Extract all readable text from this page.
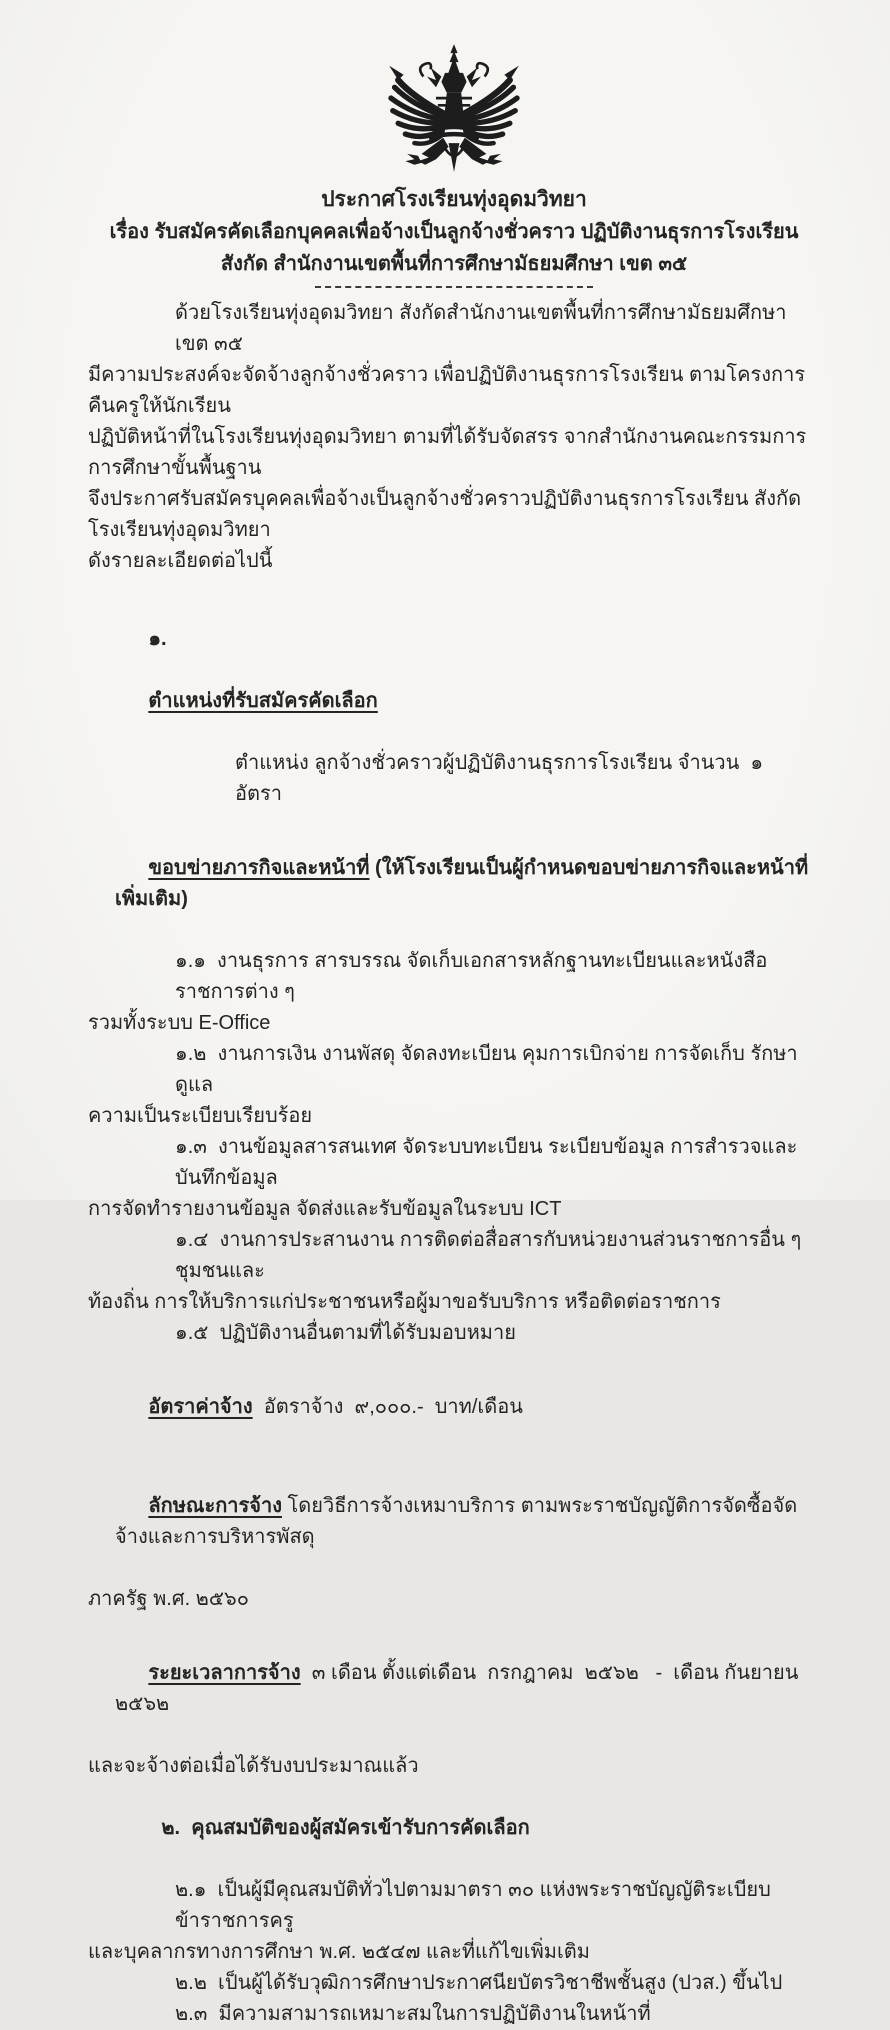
ประกาศโรงเรียนทุ่งอุดมวิทยา
เรื่อง รับสมัครคัดเลือกบุคคลเพื่อจ้างเป็นลูกจ้างชั่วคราว ปฏิบัติงานธุรการโรงเรียน
สังกัด สำนักงานเขตพื้นที่การศึกษามัธยมศึกษา เขต ๓๕
ด้วยโรงเรียนทุ่งอุดมวิทยา สังกัดสำนักงานเขตพื้นที่การศึกษามัธยมศึกษา เขต ๓๕
มีความประสงค์จะจัดจ้างลูกจ้างชั่วคราว เพื่อปฏิบัติงานธุรการโรงเรียน ตามโครงการคืนครูให้นักเรียน
ปฏิบัติหน้าที่ในโรงเรียนทุ่งอุดมวิทยา ตามที่ได้รับจัดสรร จากสำนักงานคณะกรรมการการศึกษาขั้นพื้นฐาน
จึงประกาศรับสมัครบุคคลเพื่อจ้างเป็นลูกจ้างชั่วคราวปฏิบัติงานธุรการโรงเรียน สังกัดโรงเรียนทุ่งอุดมวิทยา
ดังรายละเอียดต่อไปนี้

๑.

ตำแหน่งที่รับสมัครคัดเลือก

ตำแหน่ง ลูกจ้างชั่วคราวผู้ปฏิบัติงานธุรการโรงเรียน จำนวน  ๑  อัตรา

ขอบข่ายภารกิจและหน้าที่ (ให้โรงเรียนเป็นผู้กำหนดขอบข่ายภารกิจและหน้าที่เพิ่มเติม)

๑.๑  งานธุรการ สารบรรณ จัดเก็บเอกสารหลักฐานทะเบียนและหนังสือราชการต่าง ๆ
รวมทั้งระบบ E-Office
๑.๒  งานการเงิน งานพัสดุ จัดลงทะเบียน คุมการเบิกจ่าย การจัดเก็บ รักษาดูแล
ความเป็นระเบียบเรียบร้อย
๑.๓  งานข้อมูลสารสนเทศ จัดระบบทะเบียน ระเบียบข้อมูล การสำรวจและบันทึกข้อมูล
การจัดทำรายงานข้อมูล จัดส่งและรับข้อมูลในระบบ ICT
๑.๔  งานการประสานงาน การติดต่อสื่อสารกับหน่วยงานส่วนราชการอื่น ๆ ชุมชนและ
ท้องถิ่น การให้บริการแก่ประชาชนหรือผู้มาขอรับบริการ หรือติดต่อราชการ
๑.๕  ปฏิบัติงานอื่นตามที่ได้รับมอบหมาย

อัตราค่าจ้าง  อัตราจ้าง  ๙,๐๐๐.-  บาท/เดือน

ลักษณะการจ้าง โดยวิธีการจ้างเหมาบริการ ตามพระราชบัญญัติการจัดซื้อจัดจ้างและการบริหารพัสดุ

ภาครัฐ พ.ศ. ๒๕๖๐

ระยะเวลาการจ้าง  ๓ เดือน ตั้งแต่เดือน  กรกฎาคม  ๒๕๖๒   -  เดือน กันยายน ๒๕๖๒

และจะจ้างต่อเมื่อได้รับงบประมาณแล้ว

๒.  คุณสมบัติของผู้สมัครเข้ารับการคัดเลือก

๒.๑  เป็นผู้มีคุณสมบัติทั่วไปตามมาตรา ๓๐ แห่งพระราชบัญญัติระเบียบข้าราชการครู
และบุคลากรทางการศึกษา พ.ศ. ๒๕๔๗ และที่แก้ไขเพิ่มเติม
๒.๒  เป็นผู้ได้รับวุฒิการศึกษาประกาศนียบัตรวิชาชีพชั้นสูง (ปวส.) ขึ้นไป
๒.๓  มีความสามารถเหมาะสมในการปฏิบัติงานในหน้าที่
